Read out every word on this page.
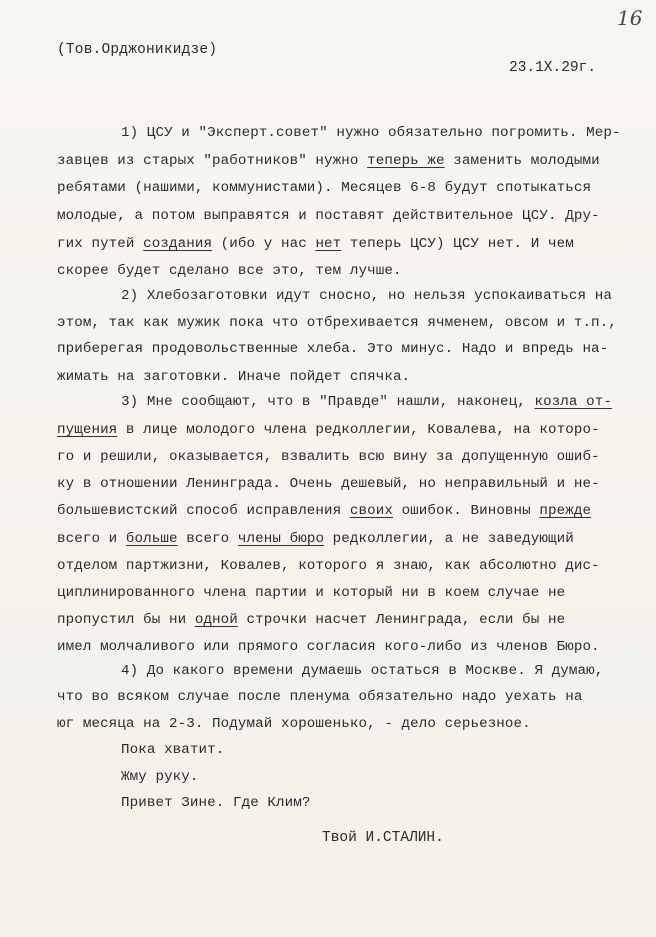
16
(Тов.Орджоникидзе)
23.1X.29г.
1) ЦСУ и "Эксперт.совет" нужно обязательно погромить. Мер-
завцев из старых "работников" нужно теперь же заменить молодыми
ребятами (нашими, коммунистами). Месяцев 6-8 будут спотыкаться
молодые, а потом выправятся и поставят действительное ЦСУ. Дру-
гих путей создания (ибо у нас нет теперь ЦСУ) ЦСУ нет. И чем
скорее будет сделано все это, тем лучше.
2) Хлебозаготовки идут сносно, но нельзя успокаиваться на
этом, так как мужик пока что отбрехивается ячменем, овсом и т.п.,
приберегая продовольственные хлеба. Это минус. Надо и впредь на-
жимать на заготовки. Иначе пойдет спячка.
3) Мне сообщают, что в "Правде" нашли, наконец, козла от-
пущения в лице молодого члена редколлегии, Ковалева, на которо-
го и решили, оказывается, взвалить всю вину за допущенную ошиб-
ку в отношении Ленинграда. Очень дешевый, но неправильный и не-
большевистский способ исправления своих ошибок. Виновны прежде
всего и больше всего члены бюро редколлегии, а не заведующий
отделом партжизни, Ковалев, которого я знаю, как абсолютно дис-
циплинированного члена партии и который ни в коем случае не
пропустил бы ни одной строчки насчет Ленинграда, если бы не
имел молчаливого или прямого согласия кого-либо из членов Бюро.
4) До какого времени думаешь остаться в Москве. Я думаю,
что во всяком случае после пленума обязательно надо уехать на
юг месяца на 2-3. Подумай хорошенько, - дело серьезное.
Пока хватит.
Жму руку.
Привет Зине. Где Клим?
Твой И.СТАЛИН.
